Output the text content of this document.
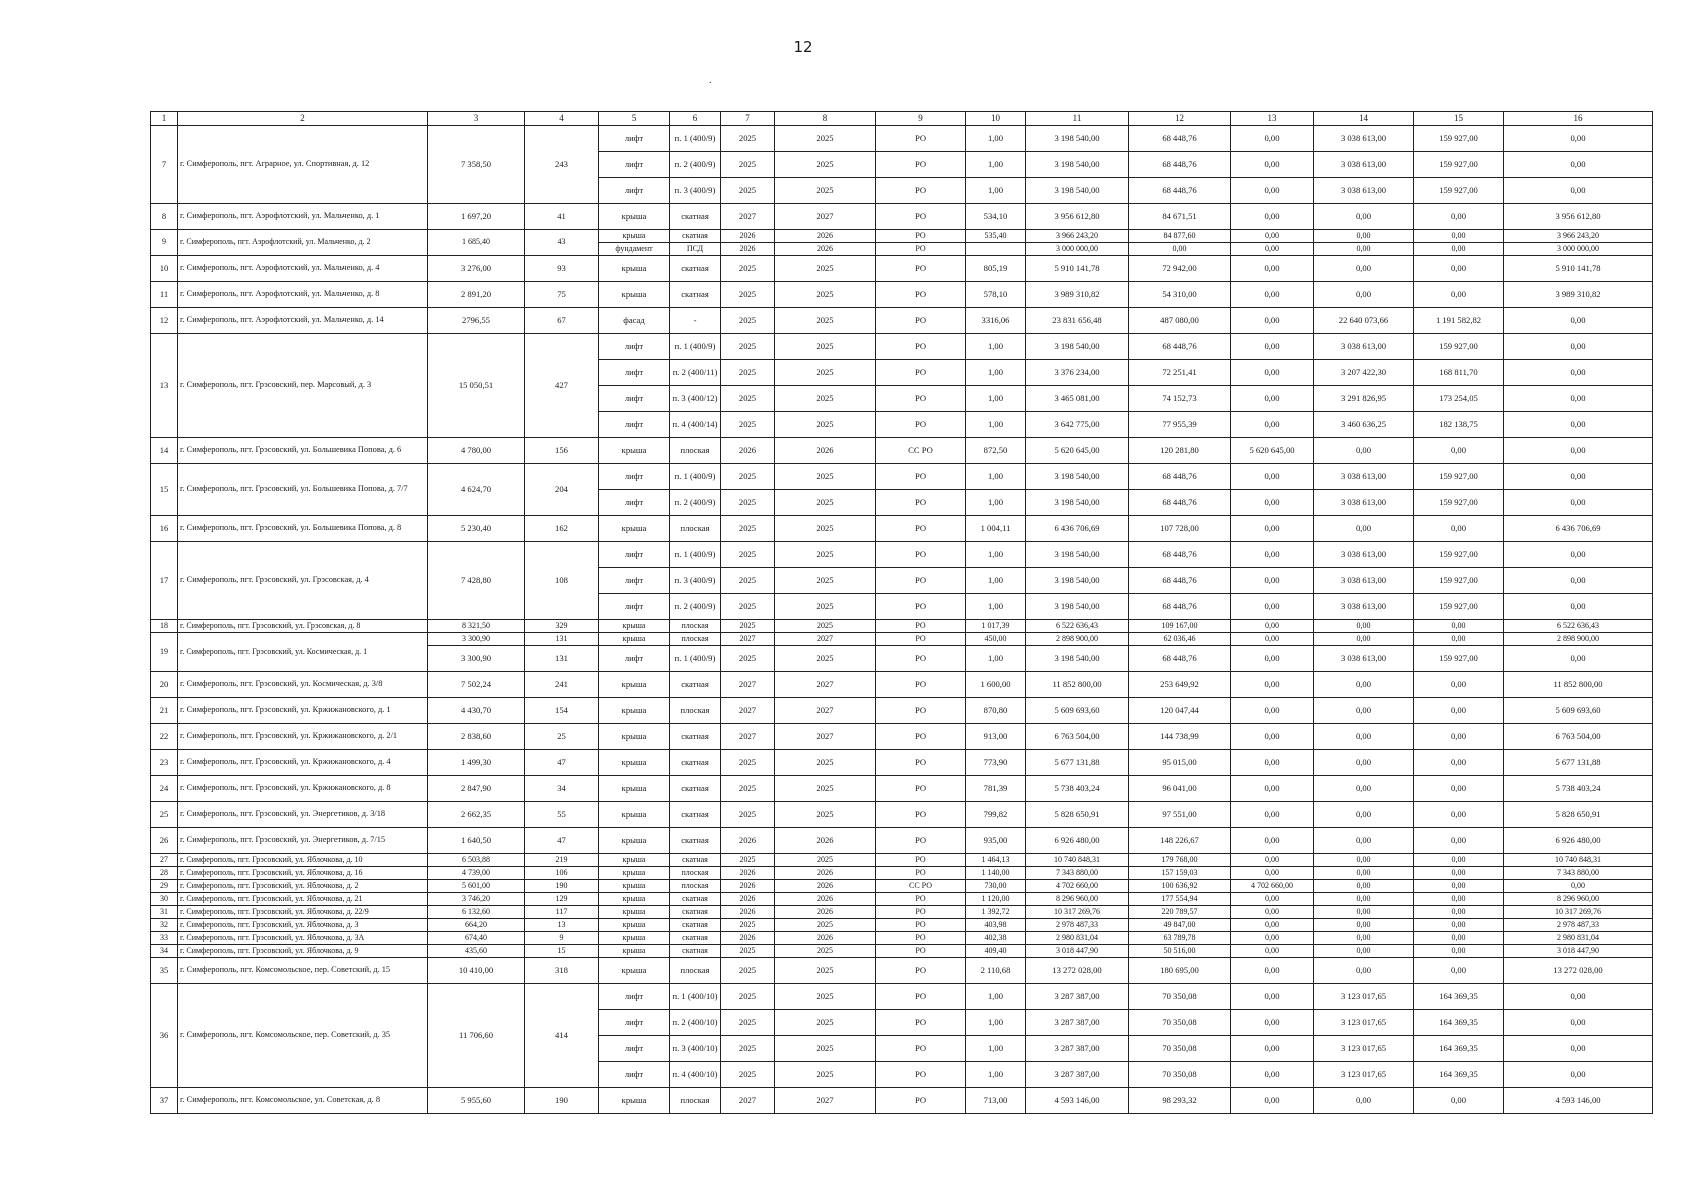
12
.
1	2	3	4	5	6	7	8	9	10	11	12	13	14	15	16
7	г. Симферополь, пгт. Аграрное, ул. Спортивная, д. 12	7 358,50	243	лифт	п. 1 (400/9)	2025	2025	РО	1,00	3 198 540,00	68 448,76	0,00	3 038 613,00	159 927,00	0,00
				лифт	п. 2 (400/9)	2025	2025	РО	1,00	3 198 540,00	68 448,76	0,00	3 038 613,00	159 927,00	0,00
				лифт	п. 3 (400/9)	2025	2025	РО	1,00	3 198 540,00	68 448,76	0,00	3 038 613,00	159 927,00	0,00
8	г. Симферополь, пгт. Аэрофлотский, ул. Мальченко, д. 1	1 697,20	41	крыша	скатная	2027	2027	РО	534,10	3 956 612,80	84 671,51	0,00	0,00	0,00	3 956 612,80
9	г. Симферополь, пгт. Аэрофлотский, ул. Мальченко, д. 2	1 685,40	43	крыша	скатная	2026	2026	РО	535,40	3 966 243,20	84 877,60	0,00	0,00	0,00	3 966 243,20
				фундамент	ПСД	2026	2026	РО		3 000 000,00	0,00	0,00	0,00	0,00	3 000 000,00
10	г. Симферополь, пгт. Аэрофлотский, ул. Мальченко, д. 4	3 276,00	93	крыша	скатная	2025	2025	РО	805,19	5 910 141,78	72 942,00	0,00	0,00	0,00	5 910 141,78
11	г. Симферополь, пгт. Аэрофлотский, ул. Мальченко, д. 8	2 891,20	75	крыша	скатная	2025	2025	РО	578,10	3 989 310,82	54 310,00	0,00	0,00	0,00	3 989 310,82
12	г. Симферополь, пгт. Аэрофлотский, ул. Мальченко, д. 14	2796,55	67	фасад	-	2025	2025	РО	3316,06	23 831 656,48	487 080,00	0,00	22 640 073,66	1 191 582,82	0,00
13	г. Симферополь, пгт. Грэсовский, пер. Марсовый, д. 3	15 050,51	427	лифт	п. 1 (400/9)	2025	2025	РО	1,00	3 198 540,00	68 448,76	0,00	3 038 613,00	159 927,00	0,00
				лифт	п. 2 (400/11)	2025	2025	РО	1,00	3 376 234,00	72 251,41	0,00	3 207 422,30	168 811,70	0,00
				лифт	п. 3 (400/12)	2025	2025	РО	1,00	3 465 081,00	74 152,73	0,00	3 291 826,95	173 254,05	0,00
				лифт	п. 4 (400/14)	2025	2025	РО	1,00	3 642 775,00	77 955,39	0,00	3 460 636,25	182 138,75	0,00
14	г. Симферополь, пгт. Грэсовский, ул. Большевика Попова, д. 6	4 780,00	156	крыша	плоская	2026	2026	СС РО	872,50	5 620 645,00	120 281,80	5 620 645,00	0,00	0,00	0,00
15	г. Симферополь, пгт. Грэсовский, ул. Большевика Попова, д. 7/7	4 624,70	204	лифт	п. 1 (400/9)	2025	2025	РО	1,00	3 198 540,00	68 448,76	0,00	3 038 613,00	159 927,00	0,00
				лифт	п. 2 (400/9)	2025	2025	РО	1,00	3 198 540,00	68 448,76	0,00	3 038 613,00	159 927,00	0,00
16	г. Симферополь, пгт. Грэсовский, ул. Большевика Попова, д. 8	5 230,40	162	крыша	плоская	2025	2025	РО	1 004,11	6 436 706,69	107 728,00	0,00	0,00	0,00	6 436 706,69
17	г. Симферополь, пгт. Грэсовский, ул. Грэсовская, д. 4	7 428,80	108	лифт	п. 1 (400/9)	2025	2025	РО	1,00	3 198 540,00	68 448,76	0,00	3 038 613,00	159 927,00	0,00
				лифт	п. 3 (400/9)	2025	2025	РО	1,00	3 198 540,00	68 448,76	0,00	3 038 613,00	159 927,00	0,00
				лифт	п. 2 (400/9)	2025	2025	РО	1,00	3 198 540,00	68 448,76	0,00	3 038 613,00	159 927,00	0,00
18	г. Симферополь, пгт. Грэсовский, ул. Грэсовская, д. 8	8 321,50	329	крыша	плоская	2025	2025	РО	1 017,39	6 522 636,43	109 167,00	0,00	0,00	0,00	6 522 636,43
19	г. Симферополь, пгт. Грэсовский, ул. Космическая, д. 1	3 300,90	131	крыша	плоская	2027	2027	РО	450,00	2 898 900,00	62 036,46	0,00	0,00	0,00	2 898 900,00
		3 300,90	131	лифт	п. 1 (400/9)	2025	2025	РО	1,00	3 198 540,00	68 448,76	0,00	3 038 613,00	159 927,00	0,00
20	г. Симферополь, пгт. Грэсовский, ул. Космическая, д. 3/8	7 502,24	241	крыша	скатная	2027	2027	РО	1 600,00	11 852 800,00	253 649,92	0,00	0,00	0,00	11 852 800,00
21	г. Симферополь, пгт. Грэсовский, ул. Кржижановского, д. 1	4 430,70	154	крыша	плоская	2027	2027	РО	870,80	5 609 693,60	120 047,44	0,00	0,00	0,00	5 609 693,60
22	г. Симферополь, пгт. Грэсовский, ул. Кржижановского, д. 2/1	2 838,60	25	крыша	скатная	2027	2027	РО	913,00	6 763 504,00	144 738,99	0,00	0,00	0,00	6 763 504,00
23	г. Симферополь, пгт. Грэсовский, ул. Кржижановского, д. 4	1 499,30	47	крыша	скатная	2025	2025	РО	773,90	5 677 131,88	95 015,00	0,00	0,00	0,00	5 677 131,88
24	г. Симферополь, пгт. Грэсовский, ул. Кржижановского, д. 8	2 847,90	34	крыша	скатная	2025	2025	РО	781,39	5 738 403,24	96 041,00	0,00	0,00	0,00	5 738 403,24
25	г. Симферополь, пгт. Грэсовский, ул. Энергетиков, д. 3/18	2 662,35	55	крыша	скатная	2025	2025	РО	799,82	5 828 650,91	97 551,00	0,00	0,00	0,00	5 828 650,91
26	г. Симферополь, пгт. Грэсовский, ул. Энергетиков, д. 7/15	1 640,50	47	крыша	скатная	2026	2026	РО	935,00	6 926 480,00	148 226,67	0,00	0,00	0,00	6 926 480,00
27	г. Симферополь, пгт. Грэсовский, ул. Яблочкова, д. 10	6 503,88	219	крыша	скатная	2025	2025	РО	1 464,13	10 740 848,31	179 768,00	0,00	0,00	0,00	10 740 848,31
28	г. Симферополь, пгт. Грэсовский, ул. Яблочкова, д. 16	4 739,00	106	крыша	плоская	2026	2026	РО	1 140,00	7 343 880,00	157 159,03	0,00	0,00	0,00	7 343 880,00
29	г. Симферополь, пгт. Грэсовский, ул. Яблочкова, д. 2	5 601,00	190	крыша	плоская	2026	2026	СС РО	730,00	4 702 660,00	100 636,92	4 702 660,00	0,00	0,00	0,00
30	г. Симферополь, пгт. Грэсовский, ул. Яблочкова, д. 21	3 746,20	129	крыша	скатная	2026	2026	РО	1 120,00	8 296 960,00	177 554,94	0,00	0,00	0,00	8 296 960,00
31	г. Симферополь, пгт. Грэсовский, ул. Яблочкова, д. 22/9	6 132,60	117	крыша	скатная	2026	2026	РО	1 392,72	10 317 269,76	220 789,57	0,00	0,00	0,00	10 317 269,76
32	г. Симферополь, пгт. Грэсовский, ул. Яблочкова, д. 3	664,20	13	крыша	скатная	2025	2025	РО	403,98	2 978 487,33	49 847,00	0,00	0,00	0,00	2 978 487,33
33	г. Симферополь, пгт. Грэсовский, ул. Яблочкова, д. 3А	674,40	9	крыша	скатная	2026	2026	РО	402,38	2 980 831,04	63 789,78	0,00	0,00	0,00	2 980 831,04
34	г. Симферополь, пгт. Грэсовский, ул. Яблочкова, д. 9	435,60	15	крыша	скатная	2025	2025	РО	409,40	3 018 447,90	50 516,00	0,00	0,00	0,00	3 018 447,90
35	г. Симферополь, пгт. Комсомольское, пер. Советский, д. 15	10 410,00	318	крыша	плоская	2025	2025	РО	2 110,68	13 272 028,00	180 695,00	0,00	0,00	0,00	13 272 028,00
36	г. Симферополь, пгт. Комсомольское, пер. Советский, д. 35	11 706,60	414	лифт	п. 1 (400/10)	2025	2025	РО	1,00	3 287 387,00	70 350,08	0,00	3 123 017,65	164 369,35	0,00
				лифт	п. 2 (400/10)	2025	2025	РО	1,00	3 287 387,00	70 350,08	0,00	3 123 017,65	164 369,35	0,00
				лифт	п. 3 (400/10)	2025	2025	РО	1,00	3 287 387,00	70 350,08	0,00	3 123 017,65	164 369,35	0,00
				лифт	п. 4 (400/10)	2025	2025	РО	1,00	3 287 387,00	70 350,08	0,00	3 123 017,65	164 369,35	0,00
37	г. Симферополь, пгт. Комсомольское, ул. Советская, д. 8	5 955,60	190	крыша	плоская	2027	2027	РО	713,00	4 593 146,00	98 293,32	0,00	0,00	0,00	4 593 146,00
